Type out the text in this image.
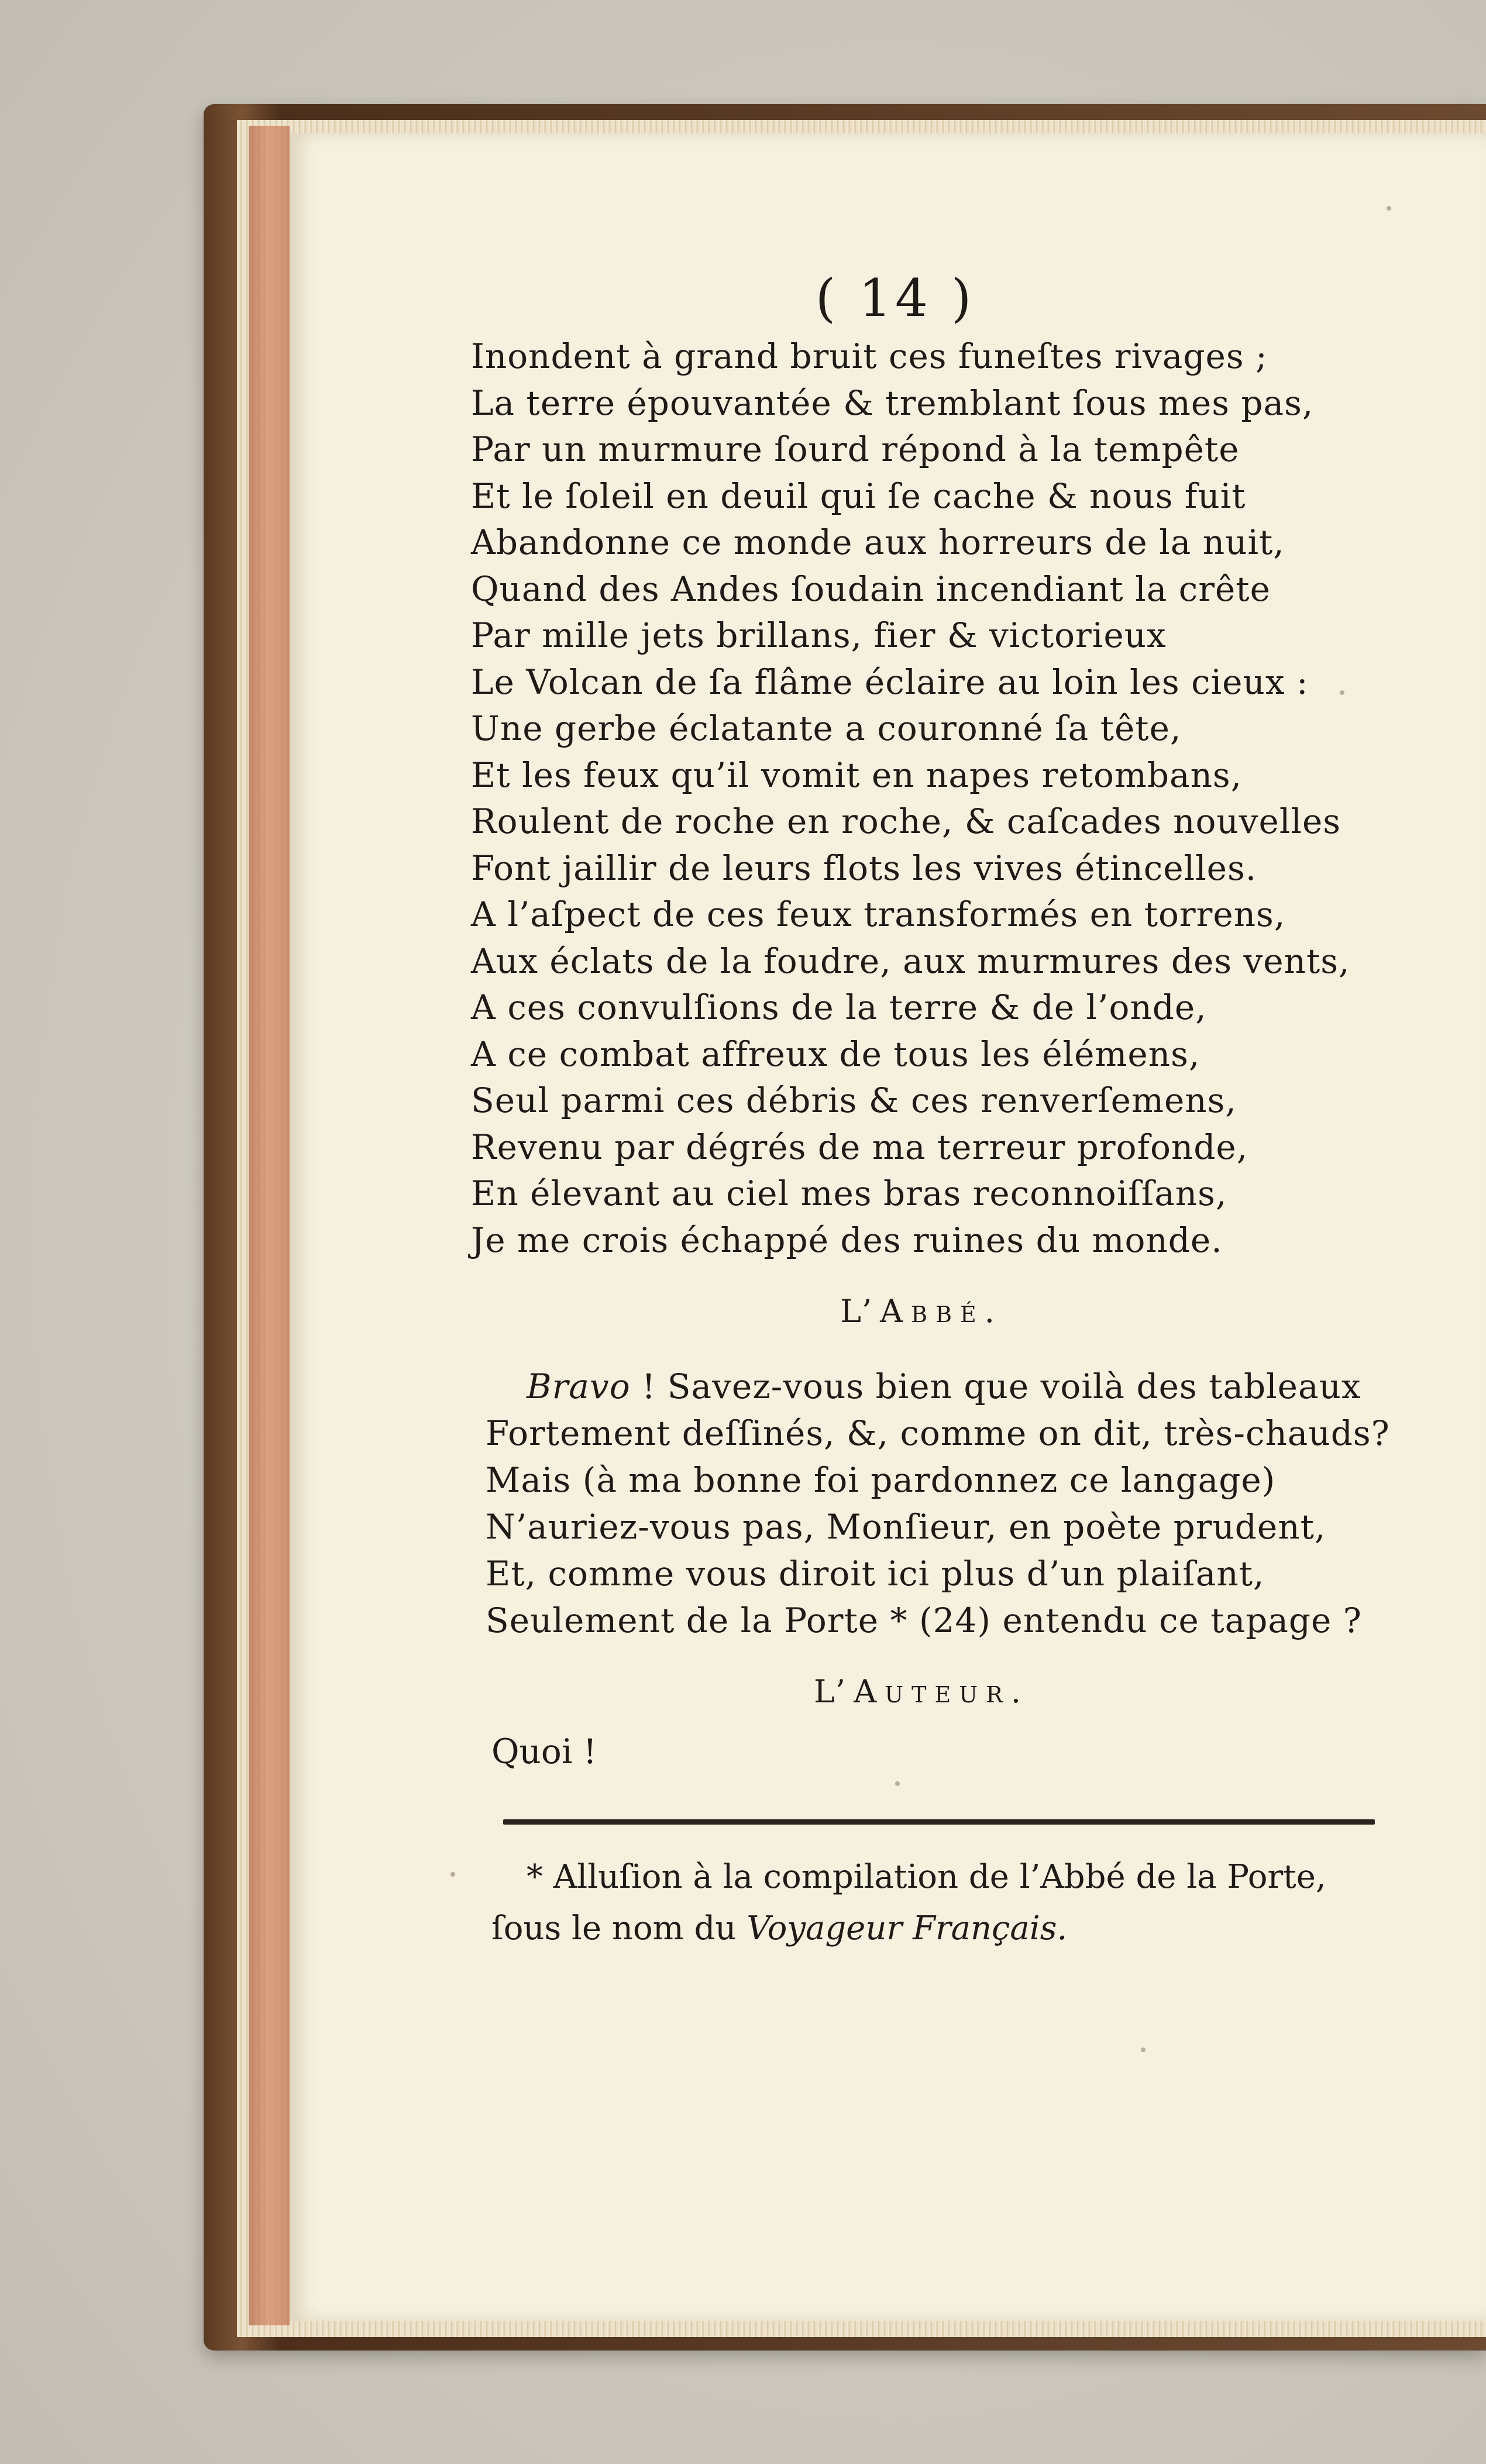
( 14 )
Inondent à grand bruit ces funeſtes rivages ;
La terre épouvantée & tremblant ſous mes pas,
Par un murmure ſourd répond à la tempête
Et le ſoleil en deuil qui ſe cache & nous fuit
Abandonne ce monde aux horreurs de la nuit,
Quand des Andes ſoudain incendiant la crête
Par mille jets brillans, fier & victorieux
Le Volcan de ſa flâme éclaire au loin les cieux :
Une gerbe éclatante a couronné ſa tête,
Et les feux qu’il vomit en napes retombans,
Roulent de roche en roche, & caſcades nouvelles
Font jaillir de leurs flots les vives étincelles.
A l’aſpect de ces feux transformés en torrens,
Aux éclats de la foudre, aux murmures des vents,
A ces convulſions de la terre & de l’onde,
A ce combat affreux de tous les élémens,
Seul parmi ces débris & ces renverſemens,
Revenu par dégrés de ma terreur profonde,
En élevant au ciel mes bras reconnoiſſans,
Je me crois échappé des ruines du monde.
L’Abbé.
Bravo ! Savez-vous bien que voilà des tableaux
Fortement deſſinés, &, comme on dit, très-chauds?
Mais (à ma bonne foi pardonnez ce langage)
N’auriez-vous pas, Monſieur, en poète prudent,
Et, comme vous diroit ici plus d’un plaiſant,
Seulement de la Porte * (24) entendu ce tapage ?
L’Auteur.
Quoi !
* Alluſion à la compilation de l’Abbé de la Porte,
ſous le nom du Voyageur Français.
